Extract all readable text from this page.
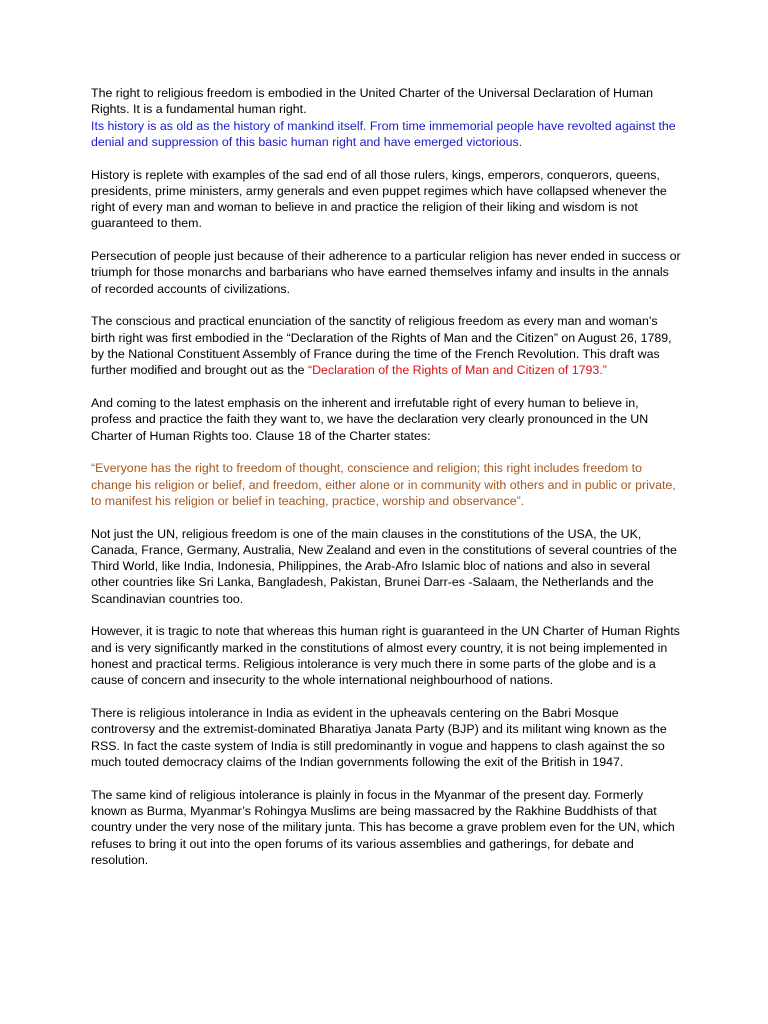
The right to religious freedom is embodied in the United Charter of the Universal Declaration of Human Rights. It is a fundamental human right.
Its history is as old as the history of mankind itself. From time immemorial people have revolted against the denial and suppression of this basic human right and have emerged victorious.

History is replete with examples of the sad end of all those rulers, kings, emperors, conquerors, queens, presidents, prime ministers, army generals and even puppet regimes which have collapsed whenever the right of every man and woman to believe in and practice the religion of their liking and wisdom is not guaranteed to them.

Persecution of people just because of their adherence to a particular religion has never ended in success or triumph for those monarchs and barbarians who have earned themselves infamy and insults in the annals of recorded accounts of civilizations.

The conscious and practical enunciation of the sanctity of religious freedom as every man and woman’s birth right was first embodied in the “Declaration of the Rights of Man and the Citizen” on August 26, 1789, by the National Constituent Assembly of France during the time of the French Revolution. This draft was further modified and brought out as the “Declaration of the Rights of Man and Citizen of 1793.”

And coming to the latest emphasis on the inherent and irrefutable right of every human to believe in, profess and practice the faith they want to, we have the declaration very clearly pronounced in the UN Charter of Human Rights too. Clause 18 of the Charter states:

“Everyone has the right to freedom of thought, conscience and religion; this right includes freedom to change his religion or belief, and freedom, either alone or in community with others and in public or private, to manifest his religion or belief in teaching, practice, worship and observance”.

Not just the UN, religious freedom is one of the main clauses in the constitutions of the USA, the UK, Canada, France, Germany, Australia, New Zealand and even in the constitutions of several countries of the Third World, like India, Indonesia, Philippines, the Arab-Afro Islamic bloc of nations and also in several other countries like Sri Lanka, Bangladesh, Pakistan, Brunei Darr-es -Salaam, the Netherlands and the Scandinavian countries too.

However, it is tragic to note that whereas this human right is guaranteed in the UN Charter of Human Rights and is very significantly marked in the constitutions of almost every country, it is not being implemented in honest and practical terms. Religious intolerance is very much there in some parts of the globe and is a cause of concern and insecurity to the whole international neighbourhood of nations.

There is religious intolerance in India as evident in the upheavals centering on the Babri Mosque controversy and the extremist-dominated Bharatiya Janata Party (BJP) and its militant wing known as the RSS. In fact the caste system of India is still predominantly in vogue and happens to clash against the so much touted democracy claims of the Indian governments following the exit of the British in 1947.

The same kind of religious intolerance is plainly in focus in the Myanmar of the present day. Formerly known as Burma, Myanmar’s Rohingya Muslims are being massacred by the Rakhine Buddhists of that country under the very nose of the military junta. This has become a grave problem even for the UN, which refuses to bring it out into the open forums of its various assemblies and gatherings, for debate and resolution.
